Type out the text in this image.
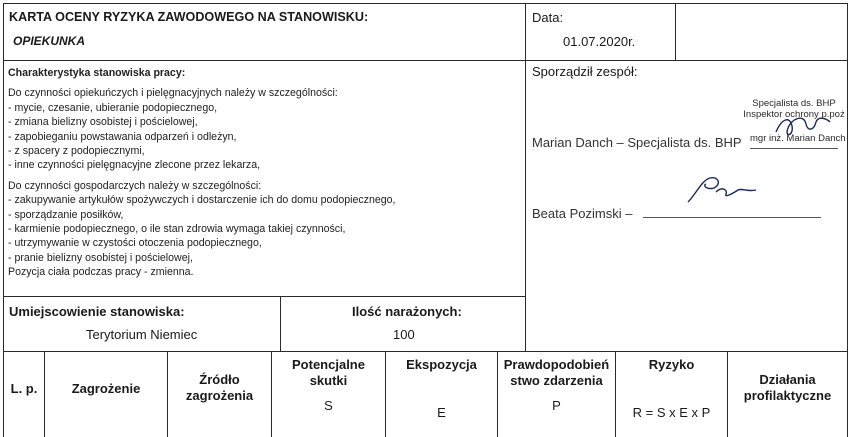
KARTA OCENY RYZYKA ZAWODOWEGO NA STANOWISKU:
OPIEKUNKA
Data:
01.07.2020r.
Charakterystyka stanowiska pracy:
Do czynności opiekuńczych i pielęgnacyjnych należy w szczególności:
- mycie, czesanie, ubieranie podopiecznego,
- zmiana bielizny osobistej i pościelowej,
- zapobieganiu powstawania odparzeń i odleżyn,
- z spacery z podopiecznymi,
- inne czynności pielęgnacyjne zlecone przez lekarza,
Do czynności gospodarczych należy w szczególności:
- zakupywanie artykułów spożywczych i dostarczenie ich do domu podopiecznego,
- sporządzanie posiłków,
- karmienie podopiecznego, o ile stan zdrowia wymaga takiej czynności,
- utrzymywanie w czystości otoczenia podopiecznego,
- pranie bielizny osobistej i pościelowej,
Pozycja ciała podczas pracy - zmienna.
Sporządził zespół:
Specjalista ds. BHP
Inspektor ochrony p.poż
mgr inż. Marian Danch
Marian Danch – Specjalista ds. BHP
Beata Pozimski –
Umiejscowienie stanowiska:
Terytorium Niemiec
Ilość narażonych:
100
L. p.	Zagrożenie
Źródło
zagrożenia
Potencjalne
skutki
S
Ekspozycja
E
Prawdopodobień
stwo zdarzenia
P
Ryzyko
R = S x E x P
Działania
profilaktyczne
